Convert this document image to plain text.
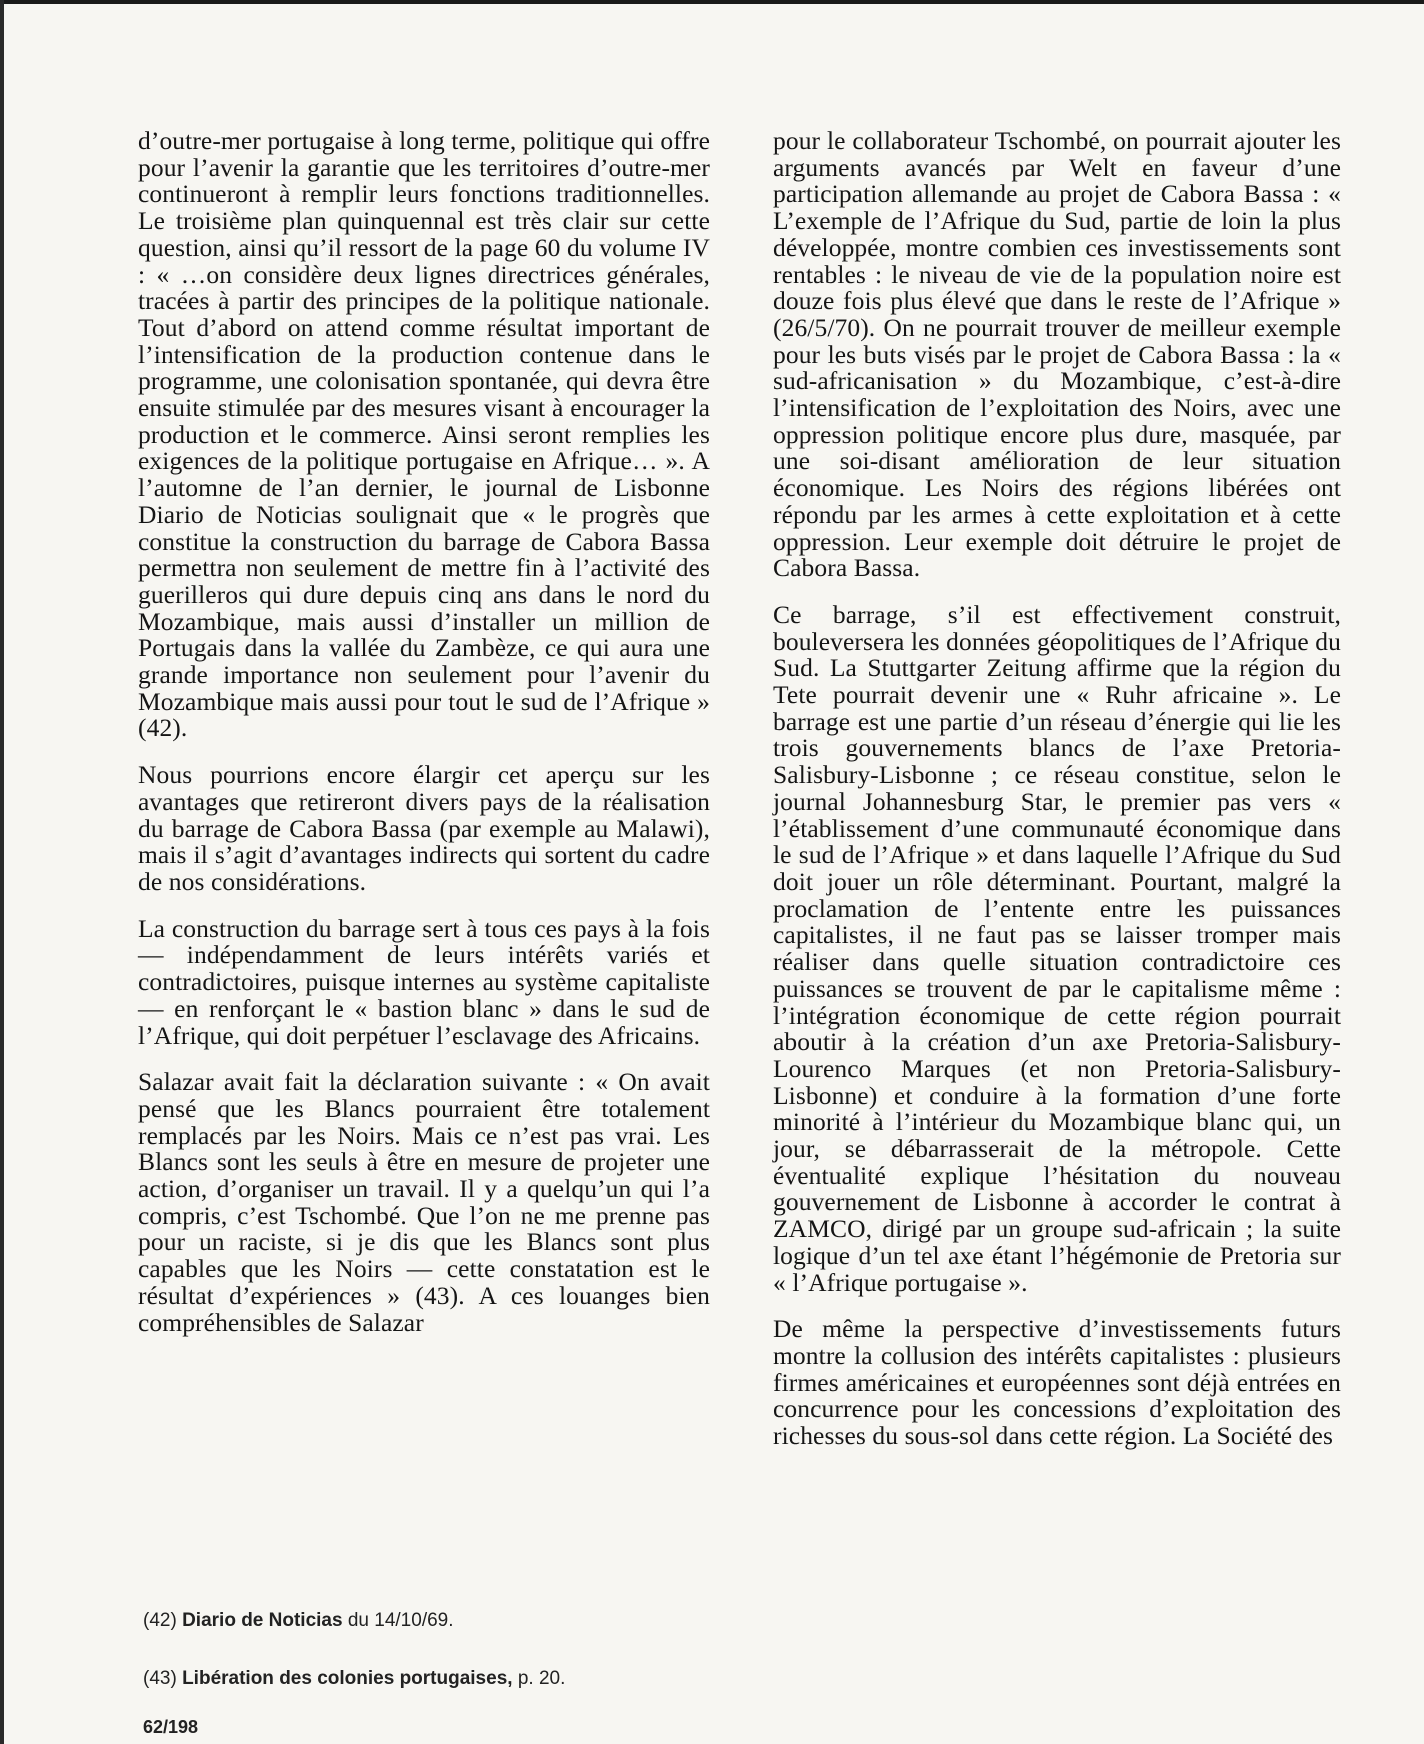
d’outre-mer portugaise à long terme, politique qui offre pour l’avenir la garantie que les territoires d’outre-mer continueront à remplir leurs fonctions traditionnelles. Le troisième plan quinquennal est très clair sur cette question, ainsi qu’il ressort de la page 60 du volume IV : « …on considère deux lignes directrices générales, tracées à partir des principes de la politique nationale. Tout d’abord on attend comme résultat important de l’intensification de la production contenue dans le programme, une colonisation spontanée, qui devra être ensuite stimulée par des mesures visant à encourager la production et le commerce. Ainsi seront remplies les exigences de la politique portugaise en Afrique… ». A l’automne de l’an dernier, le journal de Lisbonne Diario de Noticias soulignait que « le progrès que constitue la construction du barrage de Cabora Bassa permettra non seulement de mettre fin à l’activité des guerilleros qui dure depuis cinq ans dans le nord du Mozambique, mais aussi d’installer un million de Portugais dans la vallée du Zambèze, ce qui aura une grande importance non seulement pour l’avenir du Mozambique mais aussi pour tout le sud de l’Afrique » (42).

Nous pourrions encore élargir cet aperçu sur les avantages que retireront divers pays de la réalisation du barrage de Cabora Bassa (par exemple au Malawi), mais il s’agit d’avantages indirects qui sortent du cadre de nos considérations.

La construction du barrage sert à tous ces pays à la fois — indépendamment de leurs intérêts variés et contradictoires, puisque internes au système capitaliste — en renforçant le « bastion blanc » dans le sud de l’Afrique, qui doit perpétuer l’esclavage des Africains.

Salazar avait fait la déclaration suivante : « On avait pensé que les Blancs pourraient être totalement remplacés par les Noirs. Mais ce n’est pas vrai. Les Blancs sont les seuls à être en mesure de projeter une action, d’organiser un travail. Il y a quelqu’un qui l’a compris, c’est Tschombé. Que l’on ne me prenne pas pour un raciste, si je dis que les Blancs sont plus capables que les Noirs — cette constatation est le résultat d’expériences » (43). A ces louanges bien compréhensibles de Salazar

pour le collaborateur Tschombé, on pourrait ajouter les arguments avancés par Welt en faveur d’une participation allemande au projet de Cabora Bassa : « L’exemple de l’Afrique du Sud, partie de loin la plus développée, montre combien ces investissements sont rentables : le niveau de vie de la population noire est douze fois plus élevé que dans le reste de l’Afrique » (26/5/70). On ne pourrait trouver de meilleur exemple pour les buts visés par le projet de Cabora Bassa : la « sud-africanisation » du Mozambique, c’est-à-dire l’intensification de l’exploitation des Noirs, avec une oppression politique encore plus dure, masquée, par une soi-disant amélioration de leur situation économique. Les Noirs des régions libérées ont répondu par les armes à cette exploitation et à cette oppression. Leur exemple doit détruire le projet de Cabora Bassa.

Ce barrage, s’il est effectivement construit, bouleversera les données géopolitiques de l’Afrique du Sud. La Stuttgarter Zeitung affirme que la région du Tete pourrait devenir une « Ruhr africaine ». Le barrage est une partie d’un réseau d’énergie qui lie les trois gouvernements blancs de l’axe Pretoria-Salisbury-Lisbonne ; ce réseau constitue, selon le journal Johannesburg Star, le premier pas vers « l’établissement d’une communauté économique dans le sud de l’Afrique » et dans laquelle l’Afrique du Sud doit jouer un rôle déterminant. Pourtant, malgré la proclamation de l’entente entre les puissances capitalistes, il ne faut pas se laisser tromper mais réaliser dans quelle situation contradictoire ces puissances se trouvent de par le capitalisme même : l’intégration économique de cette région pourrait aboutir à la création d’un axe Pretoria-Salisbury-Lourenco Marques (et non Pretoria-Salisbury-Lisbonne) et conduire à la formation d’une forte minorité à l’intérieur du Mozambique blanc qui, un jour, se débarrasserait de la métropole. Cette éventualité explique l’hésitation du nouveau gouvernement de Lisbonne à accorder le contrat à ZAMCO, dirigé par un groupe sud-africain ; la suite logique d’un tel axe étant l’hégémonie de Pretoria sur « l’Afrique portugaise ».

De même la perspective d’investissements futurs montre la collusion des intérêts capitalistes : plusieurs firmes américaines et européennes sont déjà entrées en concurrence pour les concessions d’exploitation des richesses du sous-sol dans cette région. La Société des

(42) Diario de Noticias du 14/10/69.
(43) Libération des colonies portugaises, p. 20.
62/198
